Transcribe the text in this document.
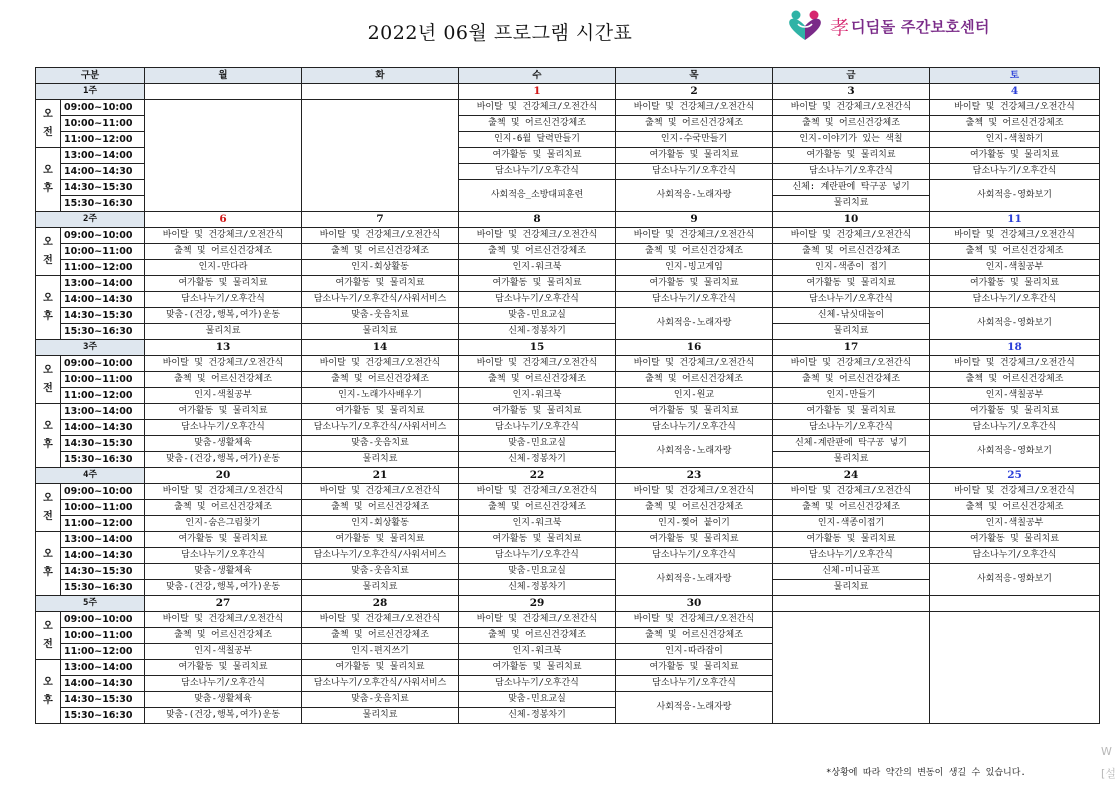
2022년 06월 프로그램 시간표	孝 디딤돌 주간보호센터
구분		월	화	수	목	금	토
1주				1	2	3	4

오
전	09:00~10:00			바이탈 및 건강체크/오전간식	바이탈 및 건강체크/오전간식	바이탈 및 건강체크/오전간식	바이탈 및 건강체크/오전간식
	10:00~11:00			출첵 및 어르신건강체조	출첵 및 어르신건강체조	출첵 및 어르신건강체조	출첵 및 어르신건강체조
	11:00~12:00			인지-6월 달력만들기	인지-수국만들기	인지-이야기가 있는 색칠	인지-색칠하기

오
후	13:00~14:00			여가활동 및 물리치료	여가활동 및 물리치료	여가활동 및 물리치료	여가활동 및 물리치료
	14:00~14:30			담소나누기/오후간식	담소나누기/오후간식	담소나누기/오후간식	담소나누기/오후간식
	14:30~15:30			사회적응_소방대피훈련	사회적응-노래자랑	신체: 계란판에 탁구공 넣기	사회적응-영화보기
	15:30~16:30					물리치료	
2주		6	7	8	9	10	11

오
전	09:00~10:00	바이탈 및 건강체크/오전간식	바이탈 및 건강체크/오전간식	바이탈 및 건강체크/오전간식	바이탈 및 건강체크/오전간식	바이탈 및 건강체크/오전간식	바이탈 및 건강체크/오전간식
	10:00~11:00	출첵 및 어르신건강체조	출첵 및 어르신건강체조	출첵 및 어르신건강체조	출첵 및 어르신건강체조	출첵 및 어르신건강체조	출첵 및 어르신건강체조
	11:00~12:00	인지-만다라	인지-회상활동	인지-워크북	인지-빙고게임	인지-색종이 접기	인지-색칠공부

오
후	13:00~14:00	여가활동 및 물리치료	여가활동 및 물리치료	여가활동 및 물리치료	여가활동 및 물리치료	여가활동 및 물리치료	여가활동 및 물리치료
	14:00~14:30	담소나누기/오후간식	담소나누기/오후간식/사워서비스	담소나누기/오후간식	담소나누기/오후간식	담소나누기/오후간식	담소나누기/오후간식
	14:30~15:30	맞춤-(건강,행복,여가)운동	맞춤-웃음치료	맞춤-민요교실	사회적응-노래자랑	신체-낚싯대놀이	사회적응-영화보기
	15:30~16:30	물리치료	물리치료	신체-정봉차기		물리치료	
3주		13	14	15	16	17	18

오
전	09:00~10:00	바이탈 및 건강체크/오전간식	바이탈 및 건강체크/오전간식	바이탈 및 건강체크/오전간식	바이탈 및 건강체크/오전간식	바이탈 및 건강체크/오전간식	바이탈 및 건강체크/오전간식
	10:00~11:00	출첵 및 어르신건강체조	출첵 및 어르신건강체조	출첵 및 어르신건강체조	출첵 및 어르신건강체조	출첵 및 어르신건강체조	출첵 및 어르신건강체조
	11:00~12:00	인지-색칠공부	인지-노래가사배우기	인지-워크북	인지-원교	인지-만들기	인지-색칠공부

오
후	13:00~14:00	여가활동 및 물리치료	여가활동 및 물리치료	여가활동 및 물리치료	여가활동 및 물리치료	여가활동 및 물리치료	여가활동 및 물리치료
	14:00~14:30	담소나누기/오후간식	담소나누기/오후간식/사워서비스	담소나누기/오후간식	담소나누기/오후간식	담소나누기/오후간식	담소나누기/오후간식
	14:30~15:30	맞춤-생활체육	맞춤-웃음치료	맞춤-민요교실	사회적응-노래자랑	신체-계란판에 탁구공 넣기	사회적응-영화보기
	15:30~16:30	맞춤-(건강,행복,여가)운동	물리치료	신체-정봉차기		물리치료	
4주		20	21	22	23	24	25

오
전	09:00~10:00	바이탈 및 건강체크/오전간식	바이탈 및 건강체크/오전간식	바이탈 및 건강체크/오전간식	바이탈 및 건강체크/오전간식	바이탈 및 건강체크/오전간식	바이탈 및 건강체크/오전간식
	10:00~11:00	출첵 및 어르신건강체조	출첵 및 어르신건강체조	출첵 및 어르신건강체조	출첵 및 어르신건강체조	출첵 및 어르신건강체조	출첵 및 어르신건강체조
	11:00~12:00	인지-숨은그림찾기	인지-회상활동	인지-워크북	인지-찢어 붙이기	인지-색종이접기	인지-색칠공부

오
후	13:00~14:00	여가활동 및 물리치료	여가활동 및 물리치료	여가활동 및 물리치료	여가활동 및 물리치료	여가활동 및 물리치료	여가활동 및 물리치료
	14:00~14:30	담소나누기/오후간식	담소나누기/오후간식/사워서비스	담소나누기/오후간식	담소나누기/오후간식	담소나누기/오후간식	담소나누기/오후간식
	14:30~15:30	맞춤-생활체육	맞춤-웃음치료	맞춤-민요교실	사회적응-노래자랑	신체-미니골프	사회적응-영화보기
	15:30~16:30	맞춤-(건강,행복,여가)운동	물리치료	신체-정봉차기		물리치료	
5주		27	28	29	30		

오
전	09:00~10:00	바이탈 및 건강체크/오전간식	바이탈 및 건강체크/오전간식	바이탈 및 건강체크/오전간식	바이탈 및 건강체크/오전간식		
	10:00~11:00	출첵 및 어르신건강체조	출첵 및 어르신건강체조	출첵 및 어르신건강체조	출첵 및 어르신건강체조		
	11:00~12:00	인지-색칠공부	인지-편지쓰기	인지-워크북	인지-따라잡이		

오
후	13:00~14:00	여가활동 및 물리치료	여가활동 및 물리치료	여가활동 및 물리치료	여가활동 및 물리치료		
	14:00~14:30	담소나누기/오후간식	담소나누기/오후간식/사워서비스	담소나누기/오후간식	담소나누기/오후간식		
	14:30~15:30	맞춤-생활체육	맞춤-웃음치료	맞춤-민요교실	사회적응-노래자랑		
	15:30~16:30	맞춤-(건강,행복,여가)운동	물리치료	신체-정봉차기			
*상황에 따라 약간의 변동이 생길 수 있습니다.
W
[설
